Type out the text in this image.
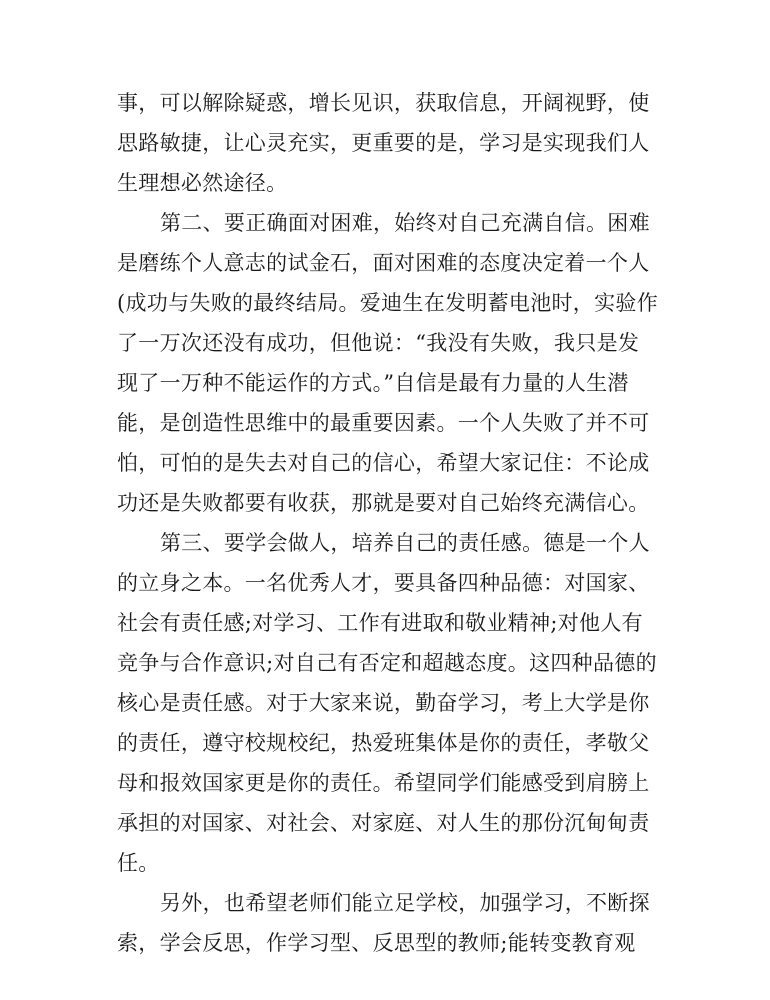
事，可以解除疑惑，增长见识，获取信息，开阔视野，使
思路敏捷，让心灵充实，更重要的是，学习是实现我们人
生理想必然途径。
第二、要正确面对困难，始终对自己充满自信。困难
是磨练个人意志的试金石，面对困难的态度决定着一个人
(成功与失败的最终结局。爱迪生在发明蓄电池时，实验作
了一万次还没有成功，但他说：“我没有失败，我只是发
现了一万种不能运作的方式。”自信是最有力量的人生潜
能，是创造性思维中的最重要因素。一个人失败了并不可
怕，可怕的是失去对自己的信心，希望大家记住：不论成
功还是失败都要有收获，那就是要对自己始终充满信心。
第三、要学会做人，培养自己的责任感。德是一个人
的立身之本。一名优秀人才，要具备四种品德：对国家、
社会有责任感;对学习、工作有进取和敬业精神;对他人有
竞争与合作意识;对自己有否定和超越态度。这四种品德的
核心是责任感。对于大家来说，勤奋学习，考上大学是你
的责任，遵守校规校纪，热爱班集体是你的责任，孝敬父
母和报效国家更是你的责任。希望同学们能感受到肩膀上
承担的对国家、对社会、对家庭、对人生的那份沉甸甸责
任。
另外，也希望老师们能立足学校，加强学习，不断探
索，学会反思，作学习型、反思型的教师;能转变教育观
